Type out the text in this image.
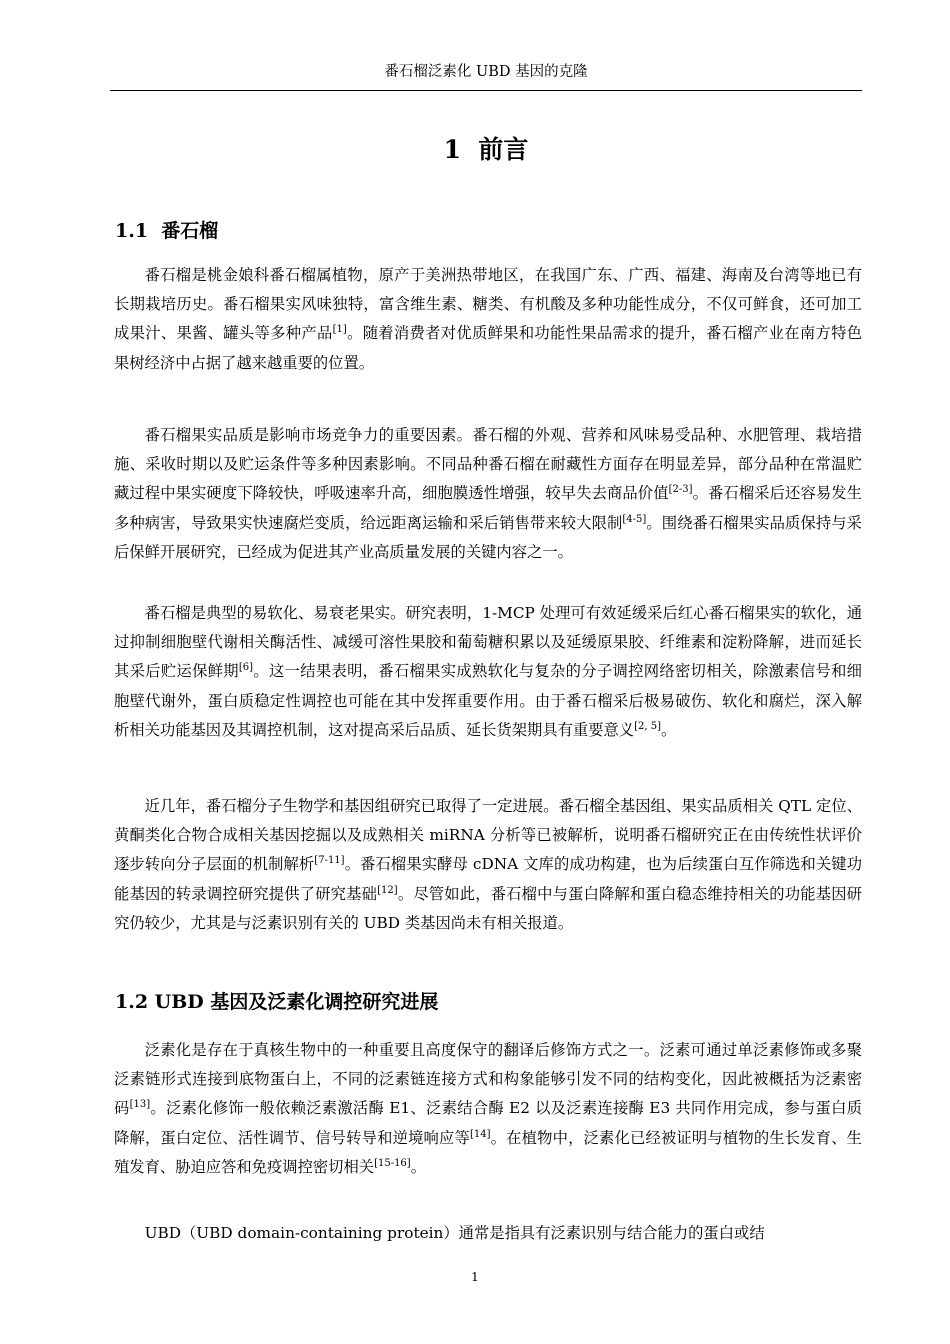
番石榴泛素化 UBD 基因的克隆
1  前言
1.1  番石榴

番石榴是桃金娘科番石榴属植物，原产于美洲热带地区，在我国广东、广西、福建、海南及台湾等地已有长期栽培历史。番石榴果实风味独特，富含维生素、糖类、有机酸及多种功能性成分，不仅可鲜食，还可加工成果汁、果酱、罐头等多种产品[1]。随着消费者对优质鲜果和功能性果品需求的提升，番石榴产业在南方特色果树经济中占据了越来越重要的位置。

番石榴果实品质是影响市场竞争力的重要因素。番石榴的外观、营养和风味易受品种、水肥管理、栽培措施、采收时期以及贮运条件等多种因素影响。不同品种番石榴在耐藏性方面存在明显差异，部分品种在常温贮藏过程中果实硬度下降较快，呼吸速率升高，细胞膜透性增强，较早失去商品价值[2-3]。番石榴采后还容易发生多种病害，导致果实快速腐烂变质，给远距离运输和采后销售带来较大限制[4-5]。围绕番石榴果实品质保持与采后保鲜开展研究，已经成为促进其产业高质量发展的关键内容之一。

番石榴是典型的易软化、易衰老果实。研究表明，1-MCP 处理可有效延缓采后红心番石榴果实的软化，通过抑制细胞壁代谢相关酶活性、减缓可溶性果胶和葡萄糖积累以及延缓原果胶、纤维素和淀粉降解，进而延长其采后贮运保鲜期[6]。这一结果表明，番石榴果实成熟软化与复杂的分子调控网络密切相关，除激素信号和细胞壁代谢外，蛋白质稳定性调控也可能在其中发挥重要作用。由于番石榴采后极易破伤、软化和腐烂，深入解析相关功能基因及其调控机制，这对提高采后品质、延长货架期具有重要意义[2, 5]。

近几年，番石榴分子生物学和基因组研究已取得了一定进展。番石榴全基因组、果实品质相关 QTL 定位、黄酮类化合物合成相关基因挖掘以及成熟相关 miRNA 分析等已被解析，说明番石榴研究正在由传统性状评价逐步转向分子层面的机制解析[7-11]。番石榴果实酵母 cDNA 文库的成功构建，也为后续蛋白互作筛选和关键功能基因的转录调控研究提供了研究基础[12]。尽管如此，番石榴中与蛋白降解和蛋白稳态维持相关的功能基因研究仍较少，尤其是与泛素识别有关的 UBD 类基因尚未有相关报道。

1.2 UBD 基因及泛素化调控研究进展

泛素化是存在于真核生物中的一种重要且高度保守的翻译后修饰方式之一。泛素可通过单泛素修饰或多聚泛素链形式连接到底物蛋白上，不同的泛素链连接方式和构象能够引发不同的结构变化，因此被概括为泛素密码[13]。泛素化修饰一般依赖泛素激活酶 E1、泛素结合酶 E2 以及泛素连接酶 E3 共同作用完成，参与蛋白质降解，蛋白定位、活性调节、信号转导和逆境响应等[14]。在植物中，泛素化已经被证明与植物的生长发育、生殖发育、胁迫应答和免疫调控密切相关[15-16]。

UBD（UBD domain-containing protein）通常是指具有泛素识别与结合能力的蛋白或结

1
